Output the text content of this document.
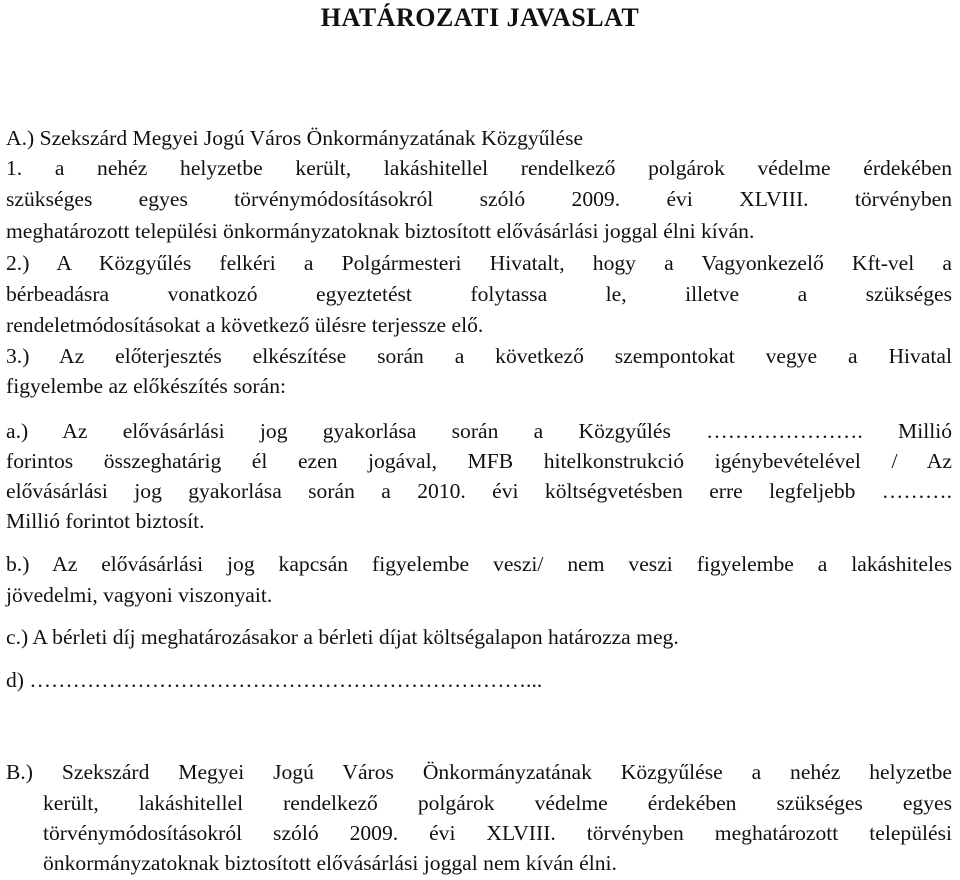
HATÁROZATI JAVASLAT
A.) Szekszárd Megyei Jogú Város Önkormányzatának Közgyűlése
1. a nehéz helyzetbe került, lakáshitellel rendelkező polgárok védelme érdekében
szükséges egyes törvénymódosításokról szóló 2009. évi XLVIII. törvényben
meghatározott települési önkormányzatoknak biztosított elővásárlási joggal élni kíván.
2.) A Közgyűlés felkéri a Polgármesteri Hivatalt, hogy a Vagyonkezelő Kft-vel a
bérbeadásra vonatkozó egyeztetést folytassa le, illetve a szükséges
rendeletmódosításokat a következő ülésre terjessze elő.
3.) Az előterjesztés elkészítése során a következő szempontokat vegye a Hivatal
figyelembe az előkészítés során:
a.) Az elővásárlási jog gyakorlása során a Közgyűlés …………………. Millió
forintos összeghatárig él ezen jogával, MFB hitelkonstrukció igénybevételével / Az
elővásárlási jog gyakorlása során a 2010. évi költségvetésben erre legfeljebb ……….
Millió forintot biztosít.
b.) Az elővásárlási jog kapcsán figyelembe veszi/ nem veszi figyelembe a lakáshiteles
jövedelmi, vagyoni viszonyait.
c.) A bérleti díj meghatározásakor a bérleti díjat költségalapon határozza meg.
d) ……………………………………………………………...
B.) Szekszárd Megyei Jogú Város Önkormányzatának Közgyűlése a nehéz helyzetbe
került, lakáshitellel rendelkező polgárok védelme érdekében szükséges egyes
törvénymódosításokról szóló 2009. évi XLVIII. törvényben meghatározott települési
önkormányzatoknak biztosított elővásárlási joggal nem kíván élni.
